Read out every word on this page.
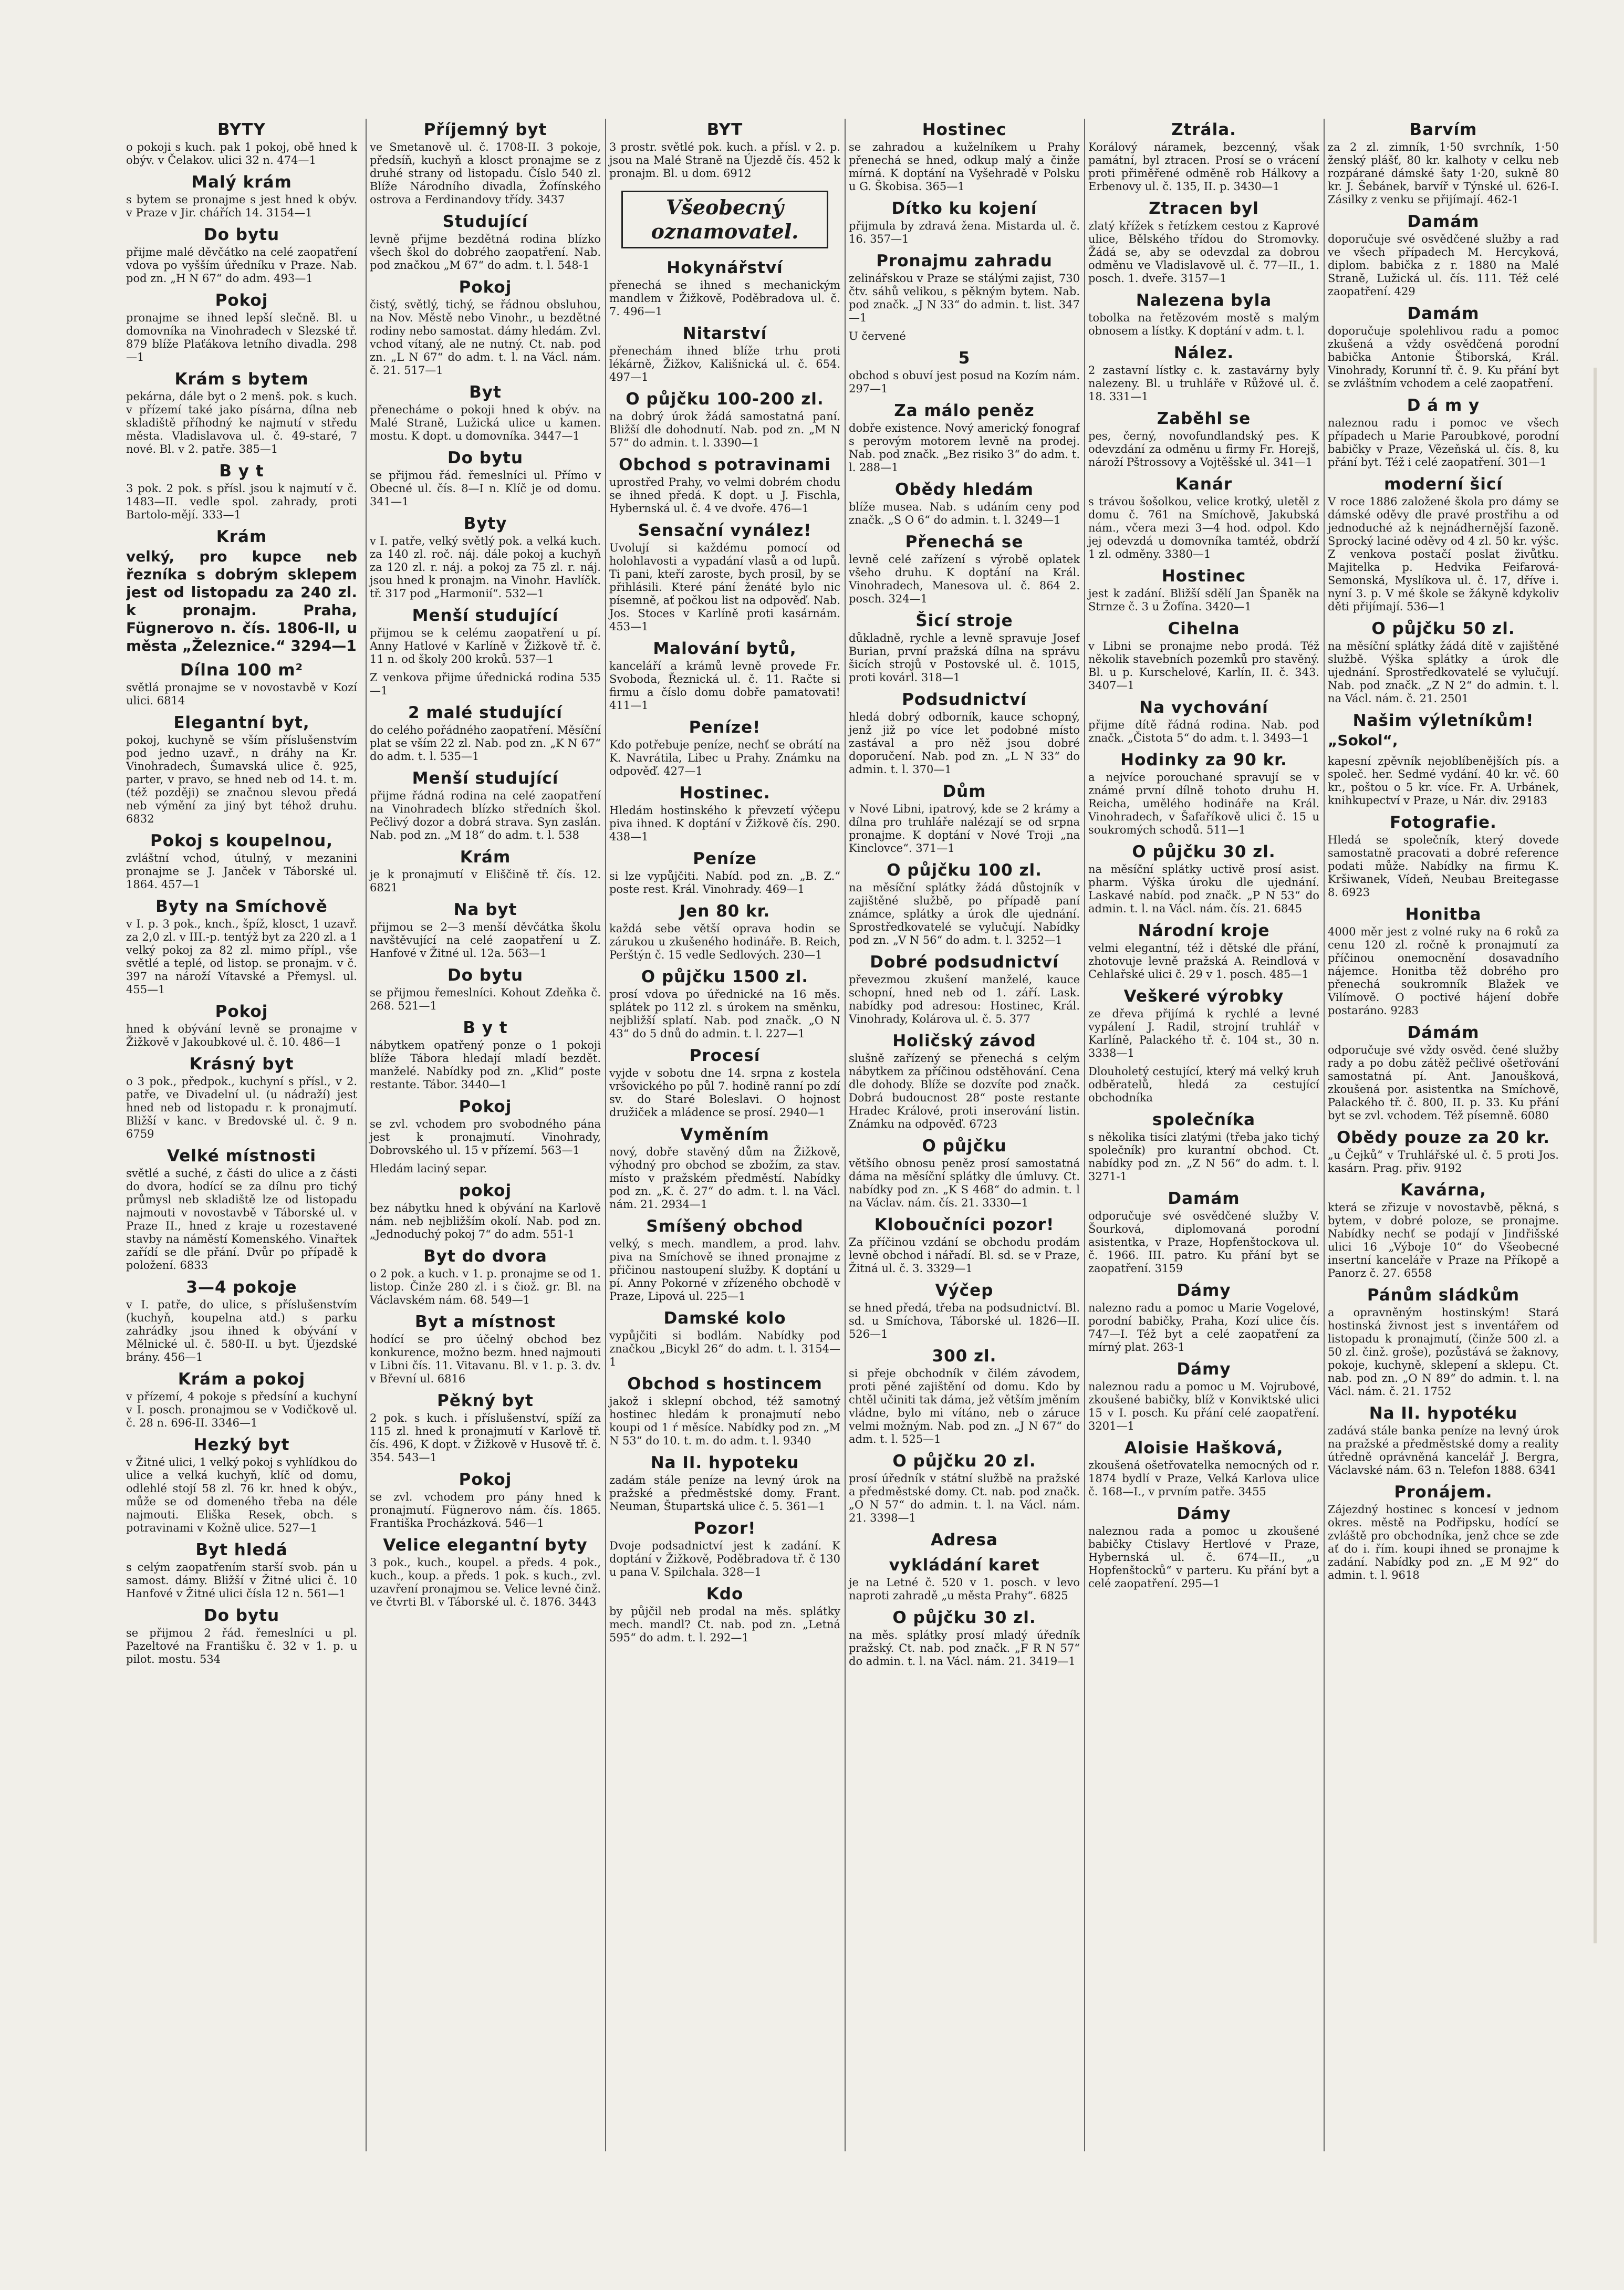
BYTY
o pokoji s kuch. pak 1 pokoj, obě hned k obýv. v Čelakov. ulici 32 n. 474—1
Malý krám
s bytem se pronajme s jest hned k obýv. v Praze v Jir. chářích 14. 3154—1
Do bytu
přijme malé děvčátko na celé zaopatření vdova po vyšším úředníku v Praze. Nab. pod zn. „H N 67“ do adm. 493—1
Pokoj
pronajme se ihned lepší slečně. Bl. u domovníka na Vinohradech v Slezské tř. 879 blíže Plaťákova letního divadla. 298—1
Krám s bytem
pekárna, dále byt o 2 menš. pok. s kuch. v přízemí také jako písárna, dílna neb skladiště příhodný ke najmutí v středu města. Vladislavova ul. č. 49-staré, 7 nové. Bl. v 2. patře. 385—1
B y t
3 pok. 2 pok. s přísl. jsou k najmutí v č. 1483—II. vedle spol. zahrady, proti Bartolo-mějí. 333—1
Krám
velký, pro kupce neb řezníka s dobrým sklepem jest od listopadu za 240 zl. k pronajm. Praha, Fügnerovo n. čís. 1806-II, u města „Železnice.“ 3294—1
Dílna 100 m²
světlá pronajme se v novostavbě v Kozí ulici. 6814
Elegantní byt,
pokoj, kuchyně se vším příslušenstvím pod jedno uzavř., n dráhy na Kr. Vinohradech, Šumavská ulice č. 925, parter, v pravo, se hned neb od 14. t. m. (též později) se značnou slevou předá neb výmění za jiný byt téhož druhu. 6832
Pokoj s koupelnou,
zvláštní vchod, útulný, v mezanini pronajme se J. Janček v Táborské ul. 1864. 457—1
Byty na Smíchově
v I. p. 3 pok., knch., špíž, klosct, 1 uzavř. za 2,0 zl. v III.-p. tentýž byt za 220 zl. a 1 velký pokoj za 82 zl. mimo přípl., vše světlé a teplé, od listop. se pronajm. v č. 397 na nároží Vítavské a Přemysl. ul. 455—1
Pokoj
hned k obývání levně se pronajme v Žižkově v Jakoubkové ul. č. 10. 486—1
Krásný byt
o 3 pok., předpok., kuchyní s přísl., v 2. patře, ve Divadelní ul. (u nádraží) jest hned neb od listopadu r. k pronajmutí. Bližší v kanc. v Bredovské ul. č. 9 n. 6759
Velké místnosti
světlé a suché, z části do ulice a z části do dvora, hodící se za dílnu pro tichý průmysl neb skladiště lze od listopadu najmouti v novostavbě v Táborské ul. v Praze II., hned z kraje u rozestavené stavby na náměstí Komenského. Vinařtek zařídí se dle přání. Dvůr po případě k položení. 6833
3—4 pokoje
v I. patře, do ulice, s příslušenstvím (kuchyň, koupelna atd.) s parku zahrádky jsou ihned k obývání v Mělnické ul. č. 580-II. u byt. Újezdské brány. 456—1
Krám a pokoj
v přízemí, 4 pokoje s předsíní a kuchyní v I. posch. pronajmou se v Vodičkově ul. č. 28 n. 696-II. 3346—1
Hezký byt
v Žitné ulici, 1 velký pokoj s vyhlídkou do ulice a velká kuchyň, klíč od domu, odlehlé stojí 58 zl. 76 kr. hned k obýv., může se od domeného třeba na déle najmouti. Eliška Resek, obch. s potravinami v Kožně ulice. 527—1
Byt hledá
s celým zaopatřením starší svob. pán u samost. dámy. Bližší v Žitné ulici č. 10 Hanfové v Žitné ulici čísla 12 n. 561—1
Do bytu
se přijmou 2 řád. řemeslníci u pl. Pazeltové na Františku č. 32 v 1. p. u pilot. mostu. 534
Příjemný byt
ve Smetanově ul. č. 1708-II. 3 pokoje, předsíň, kuchyň a klosct pronajme se z druhé strany od listopadu. Číslo 540 zl. Blíže Národního divadla, Žofínského ostrova a Ferdinandovy třídy. 3437
Studující
levně přijme bezdětná rodina blízko všech škol do dobrého zaopatření. Nab. pod značkou „M 67“ do adm. t. l. 548-1
Pokoj
čistý, světlý, tichý, se řádnou obsluhou, na Nov. Městě nebo Vinohr., u bezdětné rodiny nebo samostat. dámy hledám. Zvl. vchod vítaný, ale ne nutný. Ct. nab. pod zn. „L N 67“ do adm. t. l. na Václ. nám. č. 21. 517—1
Byt
přenecháme o pokoji hned k obýv. na Malé Straně, Lužická ulice u kamen. mostu. K dopt. u domovníka. 3447—1
Do bytu
se přijmou řád. řemeslníci ul. Přímo v Obecné ul. čís. 8—I n. Klíč je od domu. 341—1
Byty
v I. patře, velký světlý pok. a velká kuch. za 140 zl. roč. náj. dále pokoj a kuchyň za 120 zl. r. náj. a pokoj za 75 zl. r. náj. jsou hned k pronajm. na Vinohr. Havlíčk. tř. 317 pod „Harmonií“. 532—1
Menší studující
přijmou se k celému zaopatření u pí. Anny Hatlové v Karlíně v Žižkově tř. č. 11 n. od školy 200 kroků. 537—1
Z venkova přijme úřednická rodina 535—1
2 malé studující
do celého pořádného zaopatření. Měsíční plat se vším 22 zl. Nab. pod zn. „K N 67“ do adm. t. l. 535—1
Menší studující
přijme řádná rodina na celé zaopatření na Vinohradech blízko středních škol. Pečlivý dozor a dobrá strava. Syn zaslán. Nab. pod zn. „M 18“ do adm. t. l. 538
Krám
je k pronajmutí v Eliščině tř. čís. 12. 6821
Na byt
přijmou se 2—3 menší děvčátka školu navštěvující na celé zaopatření u Z. Hanfové v Žitné ul. 12a. 563—1
Do bytu
se přijmou řemeslníci. Kohout Zdeňka č. 268. 521—1
B y t
nábytkem opatřený ponze o 1 pokoji blíže Tábora hledají mladí bezdět. manželé. Nabídky pod zn. „Klid“ poste restante. Tábor. 3440—1
Pokoj
se zvl. vchodem pro svobodného pána jest k pronajmutí. Vinohrady, Dobrovského ul. 15 v přízemí. 563—1
Hledám laciný separ.
pokoj
bez nábytku hned k obývání na Karlově nám. neb nejbližším okolí. Nab. pod zn. „Jednoduchý pokoj 7“ do adm. 551-1
Byt do dvora
o 2 pok. a kuch. v 1. p. pronajme se od 1. listop. Činže 280 zl. i s čiož. gr. Bl. na Václavském nám. 68. 549—1
Byt a místnost
hodící se pro účelný obchod bez konkurence, možno bezm. hned najmouti v Libni čís. 11. Vitavanu. Bl. v 1. p. 3. dv. v Břevní ul. 6816
Pěkný byt
2 pok. s kuch. i příslušenství, spíží za 115 zl. hned k pronajmutí v Karlově tř. čís. 496, K dopt. v Žižkově v Husově tř. č. 354. 543—1
Pokoj
se zvl. vchodem pro pány hned k pronajmutí. Fügnerovo nám. čís. 1865. Františka Procházková. 546—1
Velice elegantní byty
3 pok., kuch., koupel. a předs. 4 pok., kuch., koup. a předs. 1 pok. s kuch., zvl. uzavření pronajmou se. Velice levné činž. ve čtvrti Bl. v Táborské ul. č. 1876. 3443
BYT
3 prostr. světlé pok. kuch. a přísl. v 2. p. jsou na Malé Straně na Újezdě čís. 452 k pronajm. Bl. u dom. 6912
Všeobecný
oznamovatel.
Hokynářství
přenechá se ihned s mechanickým mandlem v Žižkově, Poděbradova ul. č. 7. 496—1
Nitarství
přenechám ihned blíže trhu proti lékárně, Žižkov, Kališnická ul. č. 654. 497—1
O půjčku 100-200 zl.
na dobrý úrok žádá samostatná paní. Bližší dle dohodnutí. Nab. pod zn. „M N 57“ do admin. t. l. 3390—1
Obchod s potravinami
uprostřed Prahy, vo velmi dobrém chodu se ihned předá. K dopt. u J. Fischla, Hybernská ul. č. 4 ve dvoře. 476—1
Sensační vynález!
Uvolují si každému pomocí od holohlavosti a vypadání vlasů a od lupů. Ti pani, kteří zaroste, bych prosil, by se přihlásili. Které pání ženáté bylo nic písemně, ať počkou list na odpověď. Nab. Jos. Stoces v Karlíně proti kasárnám. 453—1
Malování bytů,
kanceláří a krámů levně provede Fr. Svoboda, Řeznická ul. č. 11. Račte si firmu a číslo domu dobře pamatovati! 411—1
Peníze!
Kdo potřebuje peníze, nechť se obrátí na K. Navrátila, Libec u Prahy. Známku na odpověď. 427—1
Hostinec.
Hledám hostinského k převzetí výčepu piva ihned. K doptání v Žižkově čís. 290. 438—1
Peníze
si lze vypůjčiti. Nabíd. pod zn. „B. Z.“ poste rest. Král. Vinohrady. 469—1
Jen 80 kr.
každá sebe větší oprava hodin se zárukou u zkušeného hodináře. B. Reich, Perštýn č. 15 vedle Sedlových. 230—1
O půjčku 1500 zl.
prosí vdova po úřednické na 16 měs. splátek po 112 zl. s úrokem na směnku, nejbližší splatí. Nab. pod značk. „O N 43“ do 5 dnů do admin. t. l. 227—1
Procesí
vyjde v sobotu dne 14. srpna z kostela vršovického po půl 7. hodině ranní po zdí sv. do Staré Boleslavi. O hojnost družiček a mládence se prosí. 2940—1
Vyměním
nový, dobře stavěný dům na Žižkově, výhodný pro obchod se zbožím, za stav. místo v pražském předměstí. Nabídky pod zn. „K. č. 27“ do adm. t. l. na Václ. nám. 21. 2934—1
Smíšený obchod
velký, s mech. mandlem, a prod. lahv. piva na Smíchově se ihned pronajme z přičinou nastoupení služby. K doptání u pí. Anny Pokorné v zřízeného obchodě v Praze, Lipová ul. 225—1
Damské kolo
vypůjčiti si bodlám. Nabídky pod značkou „Bicykl 26“ do adm. t. l. 3154—1
Obchod s hostincem
jakož i sklepní obchod, též samotný hostinec hledám k pronajmutí nebo koupi od 1 ŕ měsíce. Nabídky pod zn. „M N 53“ do 10. t. m. do adm. t. l. 9340
Na II. hypoteku
zadám stále peníze na levný úrok na pražské a předměstské domy. Frant. Neuman, Štupartská ulice č. 5. 361—1
Pozor!
Dvoje podsadnictví jest k zadání. K doptání v Žižkově, Poděbradova tř. č 130 u pana V. Spilchala. 328—1
Kdo
by půjčil neb prodal na měs. splátky mech. mandl? Ct. nab. pod zn. „Letná 595“ do adm. t. l. 292—1
Hostinec
se zahradou a kuželníkem u Prahy přenechá se hned, odkup malý a činže mírná. K doptání na Vyšehradě v Polsku u G. Škobisa. 365—1
Dítko ku kojení
přijmula by zdravá žena. Mistarda ul. č. 16. 357—1
Pronajmu zahradu
zelinářskou v Praze se stálými zajist, 730 čtv. sáhů velikou, s pěkným bytem. Nab. pod značk. „J N 33“ do admin. t. list. 347—1
U červené
5
obchod s obuví jest posud na Kozím nám. 297—1
Za málo peněz
dobře existence. Nový americký fonograf s perovým motorem levně na prodej. Nab. pod značk. „Bez risiko 3“ do adm. t. l. 288—1
Obědy hledám
blíže musea. Nab. s udáním ceny pod značk. „S O 6“ do admin. t. l. 3249—1
Přenechá se
levně celé zařízení s výrobě oplatek všeho druhu. K doptání na Král. Vinohradech, Manesova ul. č. 864 2. posch. 324—1
Šicí stroje
důkladně, rychle a levně spravuje Josef Burian, první pražská dílna na správu šicích strojů v Postovské ul. č. 1015, proti kovárl. 318—1
Podsudnictví
hledá dobrý odborník, kauce schopný, jenž již po více let podobné místo zastával a pro něž jsou dobré doporučení. Nab. pod zn. „L N 33“ do admin. t. l. 370—1
Dům
v Nové Libni, ipatrový, kde se 2 krámy a dílna pro truhláře nalézají se od srpna pronajme. K doptání v Nové Troji „na Kinclovce“. 371—1
O půjčku 100 zl.
na měsíční splátky žádá důstojník v zajištěné službě, po případě paní známce, splátky a úrok dle ujednání. Sprostředkovatelé se vylučují. Nabídky pod zn. „V N 56“ do adm. t. l. 3252—1
Dobré podsudnictví
převezmou zkušení manželé, kauce schopní, hned neb od 1. září. Lask. nabídky pod adresou: Hostinec, Král. Vinohrady, Kolárova ul. č. 5. 377
Holičský závod
slušně zařízený se přenechá s celým nábytkem za příčinou odstěhování. Cena dle dohody. Blíže se dozvíte pod značk. Dobrá budoucnost 28“ poste restante Hradec Králové, proti inserování listin. Známku na odpověď. 6723
O půjčku
většího obnosu peněz prosí samostatná dáma na měsíční splátky dle úmluvy. Ct. nabídky pod zn. „K S 468“ do admin. t. l na Václav. nám. čís. 21. 3330—1
Kloboučníci pozor!
Za příčinou vzdání se obchodu prodám levně obchod i nářadí. Bl. sd. se v Praze, Žitná ul. č. 3. 3329—1
Výčep
se hned předá, třeba na podsudnictví. Bl. sd. u Smíchova, Táborské ul. 1826—II. 526—1
300 zl.
si přeje obchodník v čilém závodem, proti pěné zajištění od domu. Kdo by chtěl učiniti tak dáma, jež větším jměním vládne, bylo mi vítáno, neb o záruce velmi možným. Nab. pod zn. „J N 67“ do adm. t. l. 525—1
O půjčku 20 zl.
prosí úředník v státní službě na pražské a předměstské domy. Ct. nab. pod značk. „O N 57“ do admin. t. l. na Václ. nám. 21. 3398—1
Adresa
vykládání karet
je na Letné č. 520 v 1. posch. v levo naproti zahradě „u města Prahy“. 6825
O půjčku 30 zl.
na měs. splátky prosí mladý úředník pražský. Ct. nab. pod značk. „F R N 57“ do admin. t. l. na Václ. nám. 21. 3419—1
Ztrála.
Korálový náramek, bezcenný, však památní, byl ztracen. Prosí se o vrácení proti přiměřené odměně rob Hálkovy a Erbenovy ul. č. 135, II. p. 3430—1
Ztracen byl
zlatý křížek s řetízkem cestou z Kaprové ulice, Bělského třídou do Stromovky. Žádá se, aby se odevzdal za dobrou odměnu ve Vladislavově ul. č. 77—II., 1. posch. 1. dveře. 3157—1
Nalezena byla
tobolka na řetězovém mostě s malým obnosem a lístky. K doptání v adm. t. l.
Nález.
2 zastavní lístky c. k. zastavárny byly nalezeny. Bl. u truhláře v Růžové ul. č. 18. 331—1
Zaběhl se
pes, černý, novofundlandský pes. K odevzdání za odměnu u firmy Fr. Horejš, nároží Pštrossovy a Vojtěšské ul. 341—1
Kanár
s trávou šošolkou, velice krotký, uletěl z domu č. 761 na Smíchově, Jakubská nám., včera mezi 3—4 hod. odpol. Kdo jej odevzdá u domovníka tamtéž, obdrží 1 zl. odměny. 3380—1
Hostinec
jest k zadání. Bližší sdělí Jan Španěk na Strnze č. 3 u Žofína. 3420—1
Cihelna
v Libni se pronajme nebo prodá. Též několik stavebních pozemků pro stavěný. Bl. u p. Kurschelové, Karlín, II. č. 343. 3407—1
Na vychování
přijme dítě řádná rodina. Nab. pod značk. „Čistota 5“ do adm. t. l. 3493—1
Hodinky za 90 kr.
a nejvíce porouchané spravují se v známé první dílně tohoto druhu H. Reicha, umělého hodináře na Král. Vinohradech, v Šafaříkově ulici č. 15 u soukromých schodů. 511—1
O půjčku 30 zl.
na měsíční splátky uctivě prosí asist. pharm. Výška úroku dle ujednání. Laskavé nabíd. pod značk. „P N 53“ do admin. t. l. na Václ. nám. čís. 21. 6845
Národní kroje
velmi elegantní, též i dětské dle přání, zhotovuje levně pražská A. Reindlová v Cehlařské ulici č. 29 v 1. posch. 485—1
Veškeré výrobky
ze dřeva přijímá k rychlé a levné vypálení J. Radil, strojní truhlář v Karlíně, Palackého tř. č. 104 st., 30 n. 3338—1
Dlouholetý cestující, který má velký kruh odběratelů, hledá za cestující obchodníka
společníka
s několika tisíci zlatými (třeba jako tichý společník) pro kurantní obchod. Ct. nabídky pod zn. „Z N 56“ do adm. t. l. 3271-1
Damám
odporučuje své osvědčené služby V. Šourková, diplomovaná porodní asistentka, v Praze, Hopfenštockova ul. č. 1966. III. patro. Ku přání byt se zaopatření. 3159
Dámy
nalezno radu a pomoc u Marie Vogelové, porodní babičky, Praha, Kozí ulice čís. 747—I. Též byt a celé zaopatření za mírný plat. 263-1
Dámy
naleznou radu a pomoc u M. Vojrubové, zkoušené babičky, blíž v Konviktské ulici 15 v I. posch. Ku přání celé zaopatření. 3201—1
Aloisie Hašková,
zkoušená ošetřovatelka nemocných od r. 1874 bydlí v Praze, Velká Karlova ulice č. 168—I., v prvním patře. 3455
Dámy
naleznou rada a pomoc u zkoušené babičky Ctislavy Hertlové v Praze, Hybernská ul. č. 674—II., „u Hopfenštocků“ v parteru. Ku přání byt a celé zaopatření. 295—1
Barvím
za 2 zl. zimník, 1·50 svrchník, 1·50 ženský plášť, 80 kr. kalhoty v celku neb rozpárané dámské šaty 1·20, sukně 80 kr. J. Šebánek, barvíř v Týnské ul. 626-I. Zásilky z venku se přijímají. 462-1
Damám
doporučuje své osvědčené služby a rad ve všech případech M. Hercyková, diplom. babička z r. 1880 na Malé Straně, Lužická ul. čís. 111. Též celé zaopatření. 429
Damám
doporučuje spolehlivou radu a pomoc zkušená a vždy osvědčená porodní babička Antonie Štiborská, Král. Vinohrady, Korunní tř. č. 9. Ku přání byt se zvláštním vchodem a celé zaopatření.
D á m y
naleznou radu i pomoc ve všech případech u Marie Paroubkové, porodní babičky v Praze, Vězeňská ul. čís. 8, ku přání byt. Též i celé zaopatření. 301—1
moderní šicí
V roce 1886 založené škola pro dámy se dámské oděvy dle pravé prostřihu a od jednoduché až k nejnádhernější fazoně. Sprocký laciné oděvy od 4 zl. 50 kr. výšc. Z venkova postačí poslat živůtku. Majitelka p. Hedvika Feifarová-Semonská, Myslíkova ul. č. 17, dříve i. nyní 3. p. V mé škole se žákyně kdykoliv děti přijímají. 536—1
O půjčku 50 zl.
na měsíční splátky žádá dítě v zajištěné službě. Výška splátky a úrok dle ujednání. Sprostředkovatelé se vylučují. Nab. pod značk. „Z N 2“ do admin. t. l. na Václ. nám. č. 21. 2501
Našim výletníkům!
„Sokol“,
kapesní zpěvník nejoblíbenějších pís. a společ. her. Sedmé vydání. 40 kr. vč. 60 kr., poštou o 5 kr. více. Fr. A. Urbánek, knihkupectví v Praze, u Nár. div. 29183
Fotografie.
Hledá se společník, který dovede samostatně pracovati a dobré reference podati může. Nabídky na firmu K. Kršiwanek, Vídeň, Neubau Breitegasse 8. 6923
Honitba
4000 měr jest z volné ruky na 6 roků za cenu 120 zl. ročně k pronajmutí za příčinou onemocnění dosavadního nájemce. Honitba těž dobrého pro přenechá soukromník Blažek ve Vilímově. O poctivé hájení dobře postaráno. 9283
Dámám
odporučuje své vždy osvěd. čené služby rady a po dobu zátěž pečlivé ošetřování samostatná pí. Ant. Janoušková, zkoušená por. asistentka na Smíchově, Palackého tř. č. 800, II. p. 33. Ku přání byt se zvl. vchodem. Též písemně. 6080
Obědy pouze za 20 kr.
„u Čejků“ v Truhlářské ul. č. 5 proti Jos. kasárn. Prag. přiv. 9192
Kavárna,
která se zřizuje v novostavbě, pěkná, s bytem, v dobré poloze, se pronajme. Nabídky nechť se podají v Jindřišské ulici 16 „Výboje 10“ do Všeobecné insertní kanceláře v Praze na Příkopě a Panorz č. 27. 6558
Pánům sládkům
a opravněným hostinským! Stará hostinská živnost jest s inventářem od listopadu k pronajmutí, (činže 500 zl. a 50 zl. činž. groše), pozůstává se žaknovy, pokoje, kuchyně, sklepení a sklepu. Ct. nab. pod zn. „O N 89“ do admin. t. l. na Václ. nám. č. 21. 1752
Na II. hypotéku
zadává stále banka peníze na levný úrok na pražské a předměstské domy a reality útředně oprávněná kancelář J. Bergra, Václavské nám. 63 n. Telefon 1888. 6341
Pronájem.
Zájezdný hostinec s koncesí v jednom okres. městě na Podřipsku, hodící se zvláště pro obchodníka, jenž chce se zde ať do i. řím. koupi ihned se pronajme k zadání. Nabídky pod zn. „E M 92“ do admin. t. l. 9618
